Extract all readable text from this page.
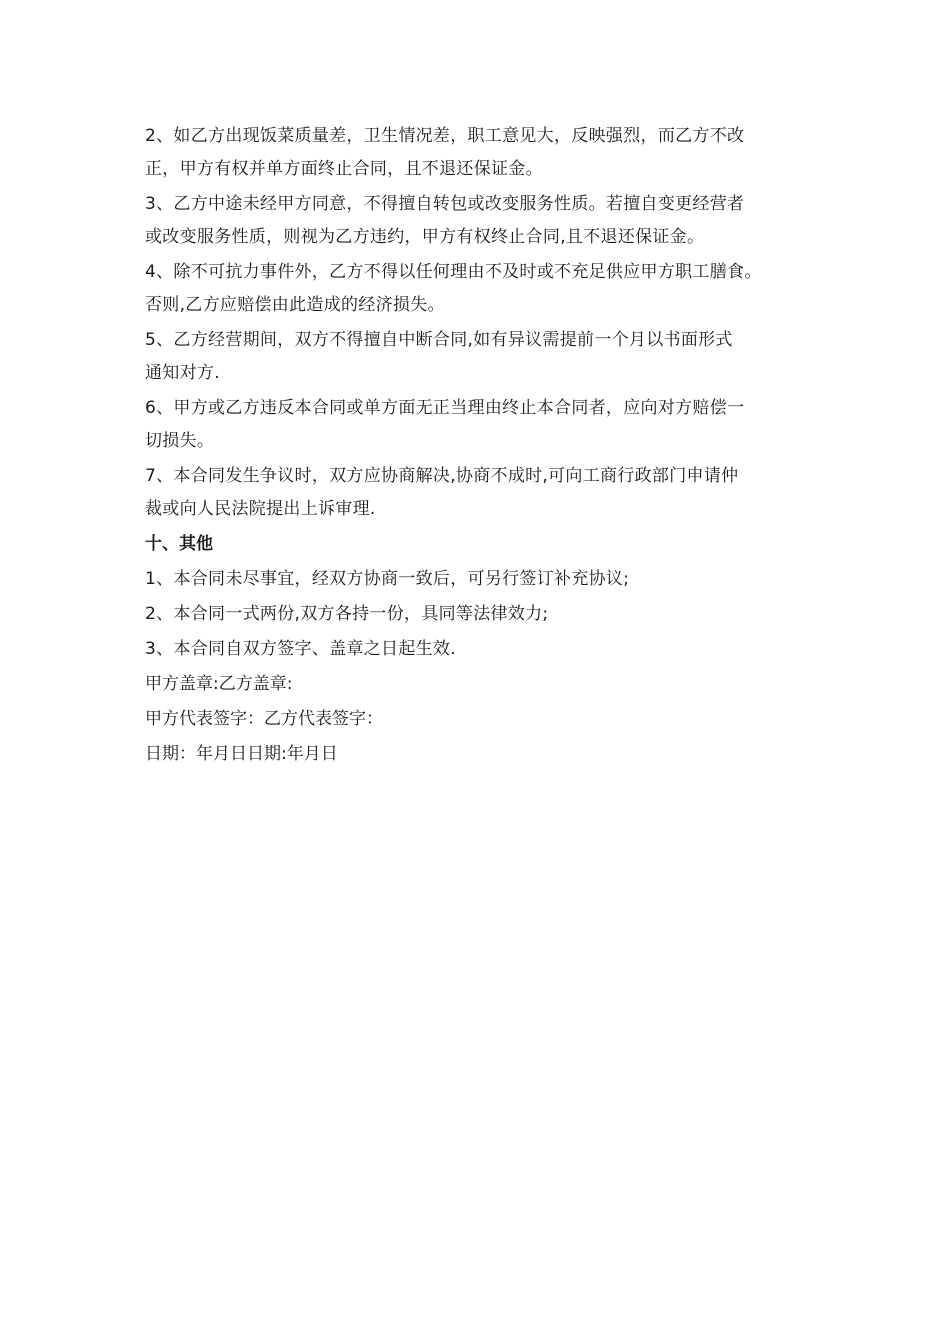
2、如乙方出现饭菜质量差，卫生情况差，职工意见大，反映强烈，而乙方不改
正，甲方有权并单方面终止合同，且不退还保证金。
3、乙方中途未经甲方同意，不得擅自转包或改变服务性质。若擅自变更经营者
或改变服务性质，则视为乙方违约，甲方有权终止合同,且不退还保证金。
4、除不可抗力事件外，乙方不得以任何理由不及时或不充足供应甲方职工膳食。
否则,乙方应赔偿由此造成的经济损失。
5、乙方经营期间，双方不得擅自中断合同,如有异议需提前一个月以书面形式
通知对方.
6、甲方或乙方违反本合同或单方面无正当理由终止本合同者，应向对方赔偿一
切损失。
7、本合同发生争议时，双方应协商解决,协商不成时,可向工商行政部门申请仲
裁或向人民法院提出上诉审理.
十、其他
1、本合同未尽事宜，经双方协商一致后，可另行签订补充协议;
2、本合同一式两份,双方各持一份，具同等法律效力;
3、本合同自双方签字、盖章之日起生效.
甲方盖章:乙方盖章:
甲方代表签字：乙方代表签字：
日期：年月日日期:年月日
